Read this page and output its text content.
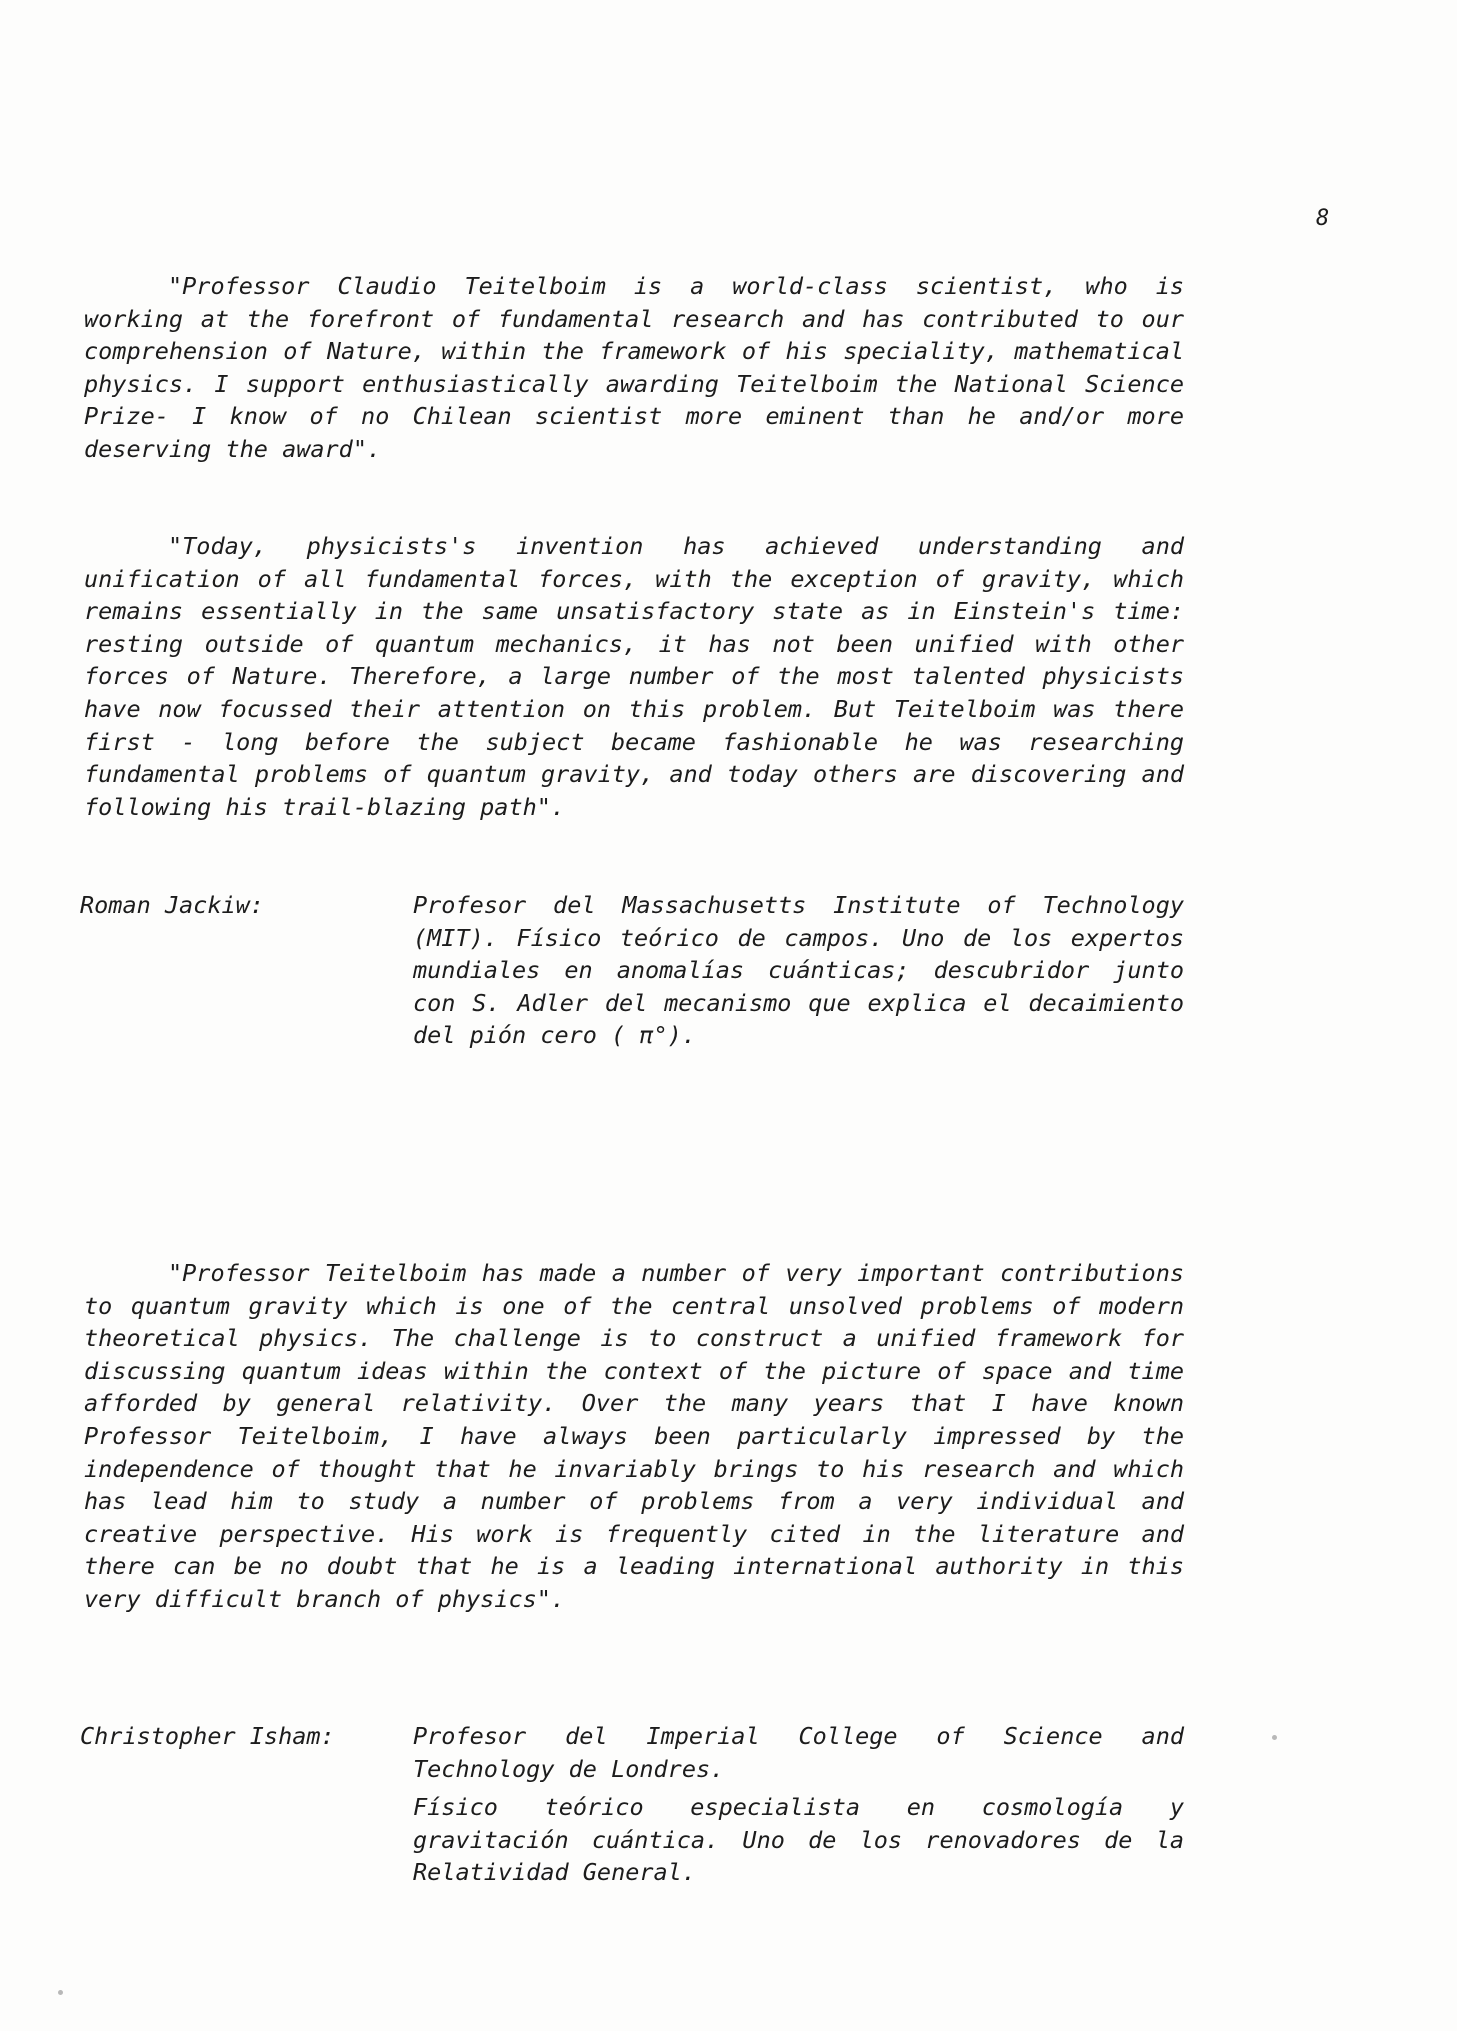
8

"Professor Claudio Teitelboim is a world-class scientist, who is working at the forefront of fundamental research and has contributed to our comprehension of Nature, within the framework of his speciality, mathematical physics. I support enthusiastically awarding Teitelboim the National Science Prize- I know of no Chilean scientist more eminent than he and/or more deserving the award".

"Today, physicists's invention has achieved understanding and unification of all fundamental forces, with the exception of gravity, which remains essentially in the same unsatisfactory state as in Einstein's time: resting outside of quantum mechanics, it has not been unified with other forces of Nature. Therefore, a large number of the most talented physicists have now focussed their attention on this problem. But Teitelboim was there first - long before the subject became fashionable he was researching fundamental problems of quantum gravity, and today others are discovering and following his trail-blazing path".

Roman Jackiw:	Profesor del Massachusetts Institute of Technology (MIT). Físico teórico de campos. Uno de los expertos mundiales en anomalías cuánticas; descubridor junto con S. Adler del mecanismo que explica el decaimiento del pión cero ( π°).

"Professor Teitelboim has made a number of very important contributions to quantum gravity which is one of the central unsolved problems of modern theoretical physics. The challenge is to construct a unified framework for discussing quantum ideas within the context of the picture of space and time afforded by general relativity. Over the many years that I have known Professor Teitelboim, I have always been particularly impressed by the independence of thought that he invariably brings to his research and which has lead him to study a number of problems from a very individual and creative perspective. His work is frequently cited in the literature and there can be no doubt that he is a leading international authority in this very difficult branch of physics".

Christopher Isham:	Profesor del Imperial College of Science and Technology de Londres.

Físico teórico especialista en cosmología y gravitación cuántica. Uno de los renovadores de la Relatividad General.
